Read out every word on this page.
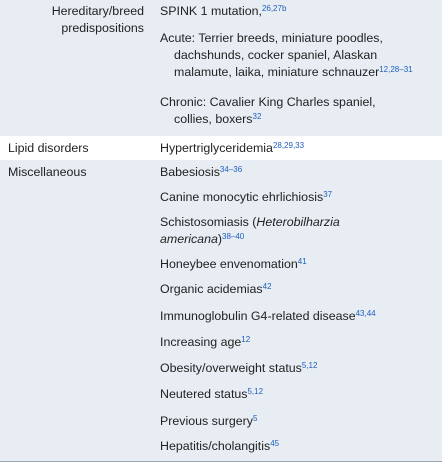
Hereditary/breed
predispositions
SPINK 1 mutation,$^{26,27b}$
Acute: Terrier breeds, miniature poodles,
dachshunds, cocker spaniel, Alaskan
malamute, laika, miniature schnauzer$^{12,28-31}$
Chronic: Cavalier King Charles spaniel,
collies, boxers$^{32}$
Lipid disorders	Hypertriglyceridemia$^{28,29,33}$
Miscellaneous	Babesiosis$^{34-36}$
Canine monocytic ehrlichiosis$^{37}$
Schistosomiasis (Heterobilharzia
americana)$^{38-40}$
Honeybee envenomation$^{41}$
Organic acidemias$^{42}$
Immunoglobulin G4-related disease$^{43,44}$
Increasing age$^{12}$
Obesity/overweight status$^{5,12}$
Neutered status$^{5,12}$
Previous surgery$^5$
Hepatitis/cholangitis$^{45}$
